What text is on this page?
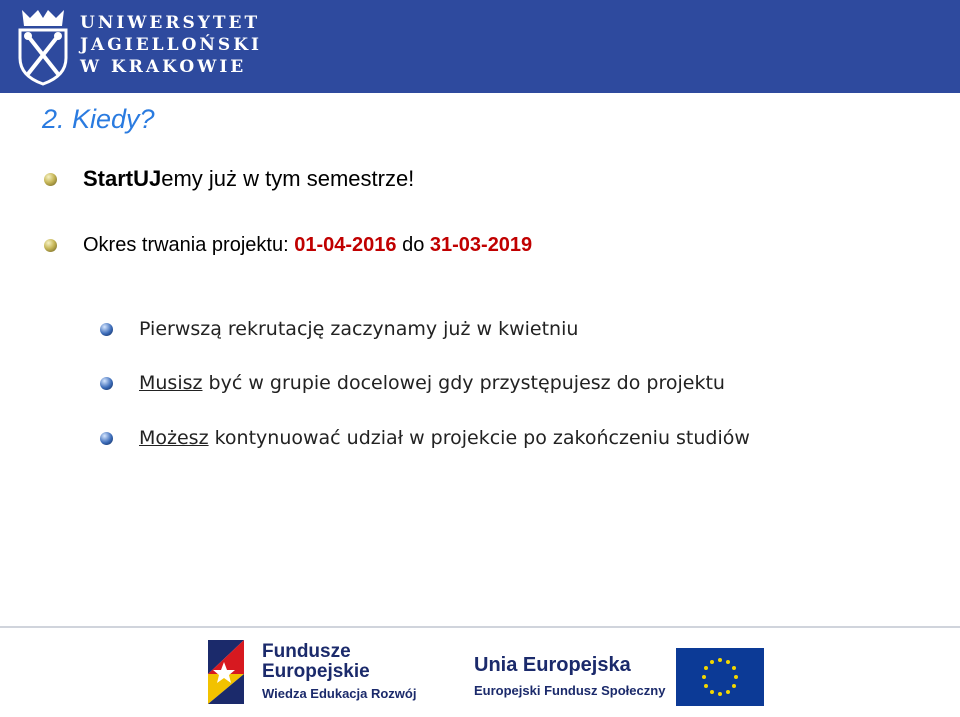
UNIWERSYTET
JAGIELLOŃSKI
W KRAKOWIE
2. Kiedy?
StartUJemy już w tym semestrze!
Okres trwania projektu: 01-04-2016 do 31-03-2019
Pierwszą rekrutację zaczynamy już w kwietniu
Musisz być w grupie docelowej gdy przystępujesz do projektu
Możesz kontynuować udział w projekcie po zakończeniu studiów
Fundusze
Europejskie
Wiedza Edukacja Rozwój
Unia Europejska
Europejski Fundusz Społeczny
